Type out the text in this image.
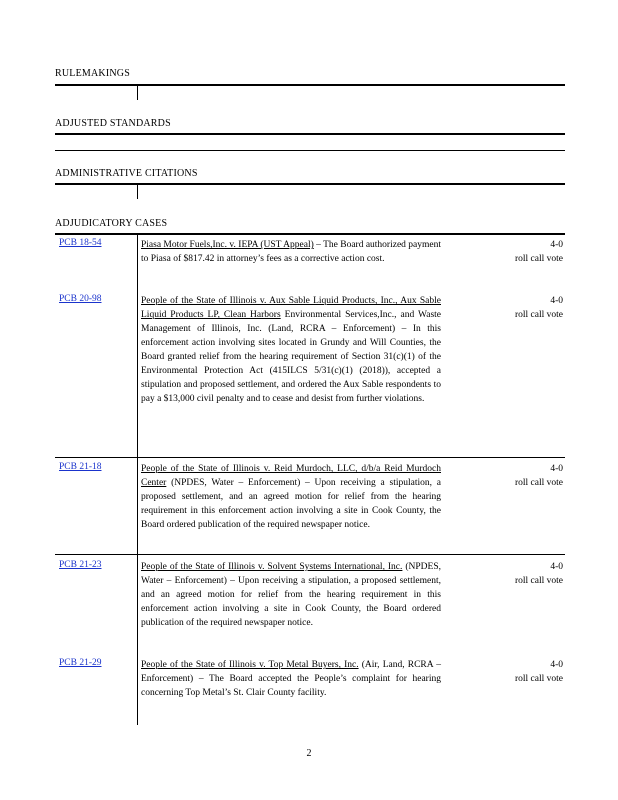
RULEMAKINGS
ADJUSTED STANDARDS
ADMINISTRATIVE CITATIONS
ADJUDICATORY CASES
PCB 18-54	Piasa Motor Fuels,Inc. v. IEPA (UST Appeal) – The Board authorized payment to Piasa of $817.42 in attorney’s fees as a corrective action cost.
4-0
roll call vote
PCB 20-98	People of the State of Illinois v. Aux Sable Liquid Products, Inc., Aux Sable Liquid Products LP, Clean Harbors Environmental Services,Inc., and Waste Management of Illinois, Inc. (Land, RCRA – Enforcement) – In this enforcement action involving sites located in Grundy and Will Counties, the Board granted relief from the hearing requirement of Section 31(c)(1) of the Environmental Protection Act (415ILCS 5/31(c)(1) (2018)), accepted a stipulation and proposed settlement, and ordered the Aux Sable respondents to pay a $13,000 civil penalty and to cease and desist from further violations.
4-0
roll call vote
PCB 21-18	People of the State of Illinois v. Reid Murdoch, LLC, d/b/a Reid Murdoch Center (NPDES, Water – Enforcement) – Upon receiving a stipulation, a proposed settlement, and an agreed motion for relief from the hearing requirement in this enforcement action involving a site in Cook County, the Board ordered publication of the required newspaper notice.
4-0
roll call vote
PCB 21-23	People of the State of Illinois v. Solvent Systems International, Inc. (NPDES, Water – Enforcement) – Upon receiving a stipulation, a proposed settlement, and an agreed motion for relief from the hearing requirement in this enforcement action involving a site in Cook County, the Board ordered publication of the required newspaper notice.
4-0
roll call vote
PCB 21-29	People of the State of Illinois v. Top Metal Buyers, Inc. (Air, Land, RCRA – Enforcement) – The Board accepted the People’s complaint for hearing concerning Top Metal’s St. Clair County facility.
4-0
roll call vote
2
